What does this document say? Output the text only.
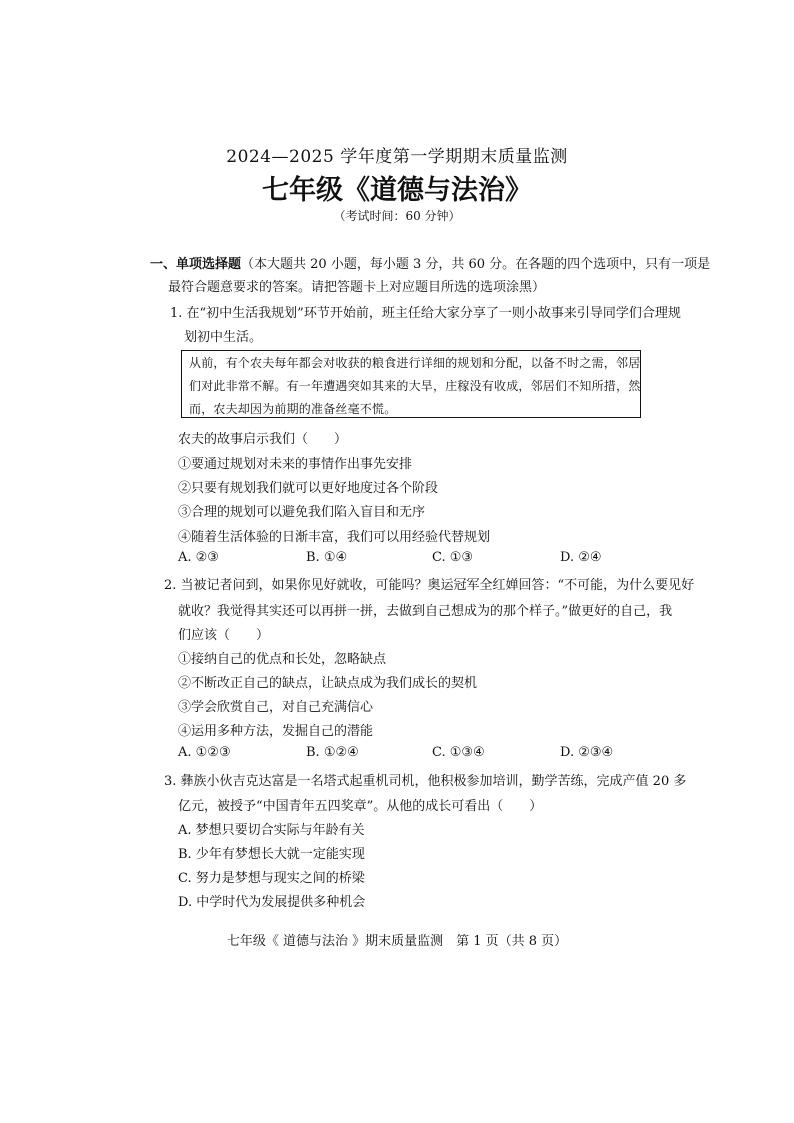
2024—2025 学年度第一学期期末质量监测
七年级《道德与法治》
（考试时间：60 分钟）
一、单项选择题（本大题共 20 小题，每小题 3 分，共 60 分。在各题的四个选项中，只有一项是
最符合题意要求的答案。请把答题卡上对应题目所选的选项涂黑）
1. 在“初中生活我规划”环节开始前，班主任给大家分享了一则小故事来引导同学们合理规
划初中生活。
从前，有个农夫每年都会对收获的粮食进行详细的规划和分配，以备不时之需，邻居
们对此非常不解。有一年遭遇突如其来的大旱，庄稼没有收成，邻居们不知所措，然
而，农夫却因为前期的准备丝毫不慌。
农夫的故事启示我们（　　）
①要通过规划对未来的事情作出事先安排
②只要有规划我们就可以更好地度过各个阶段
③合理的规划可以避免我们陷入盲目和无序
④随着生活体验的日渐丰富，我们可以用经验代替规划
A. ②③	B. ①④	C. ①③	D. ②④
2. 当被记者问到，如果你见好就收，可能吗？奥运冠军全红婵回答：“不可能，为什么要见好
就收？我觉得其实还可以再拼一拼，去做到自己想成为的那个样子。”做更好的自己，我
们应该（　　）
①接纳自己的优点和长处，忽略缺点
②不断改正自己的缺点，让缺点成为我们成长的契机
③学会欣赏自己，对自己充满信心
④运用多种方法，发掘自己的潜能
A. ①②③	B. ①②④	C. ①③④	D. ②③④
3. 彝族小伙吉克达富是一名塔式起重机司机，他积极参加培训，勤学苦练，完成产值 20 多
亿元，被授予“中国青年五四奖章”。从他的成长可看出（　　）
A. 梦想只要切合实际与年龄有关
B. 少年有梦想长大就一定能实现
C. 努力是梦想与现实之间的桥梁
D. 中学时代为发展提供多种机会
七年级《 道德与法治 》期末质量监测　第 1 页（共 8 页）
